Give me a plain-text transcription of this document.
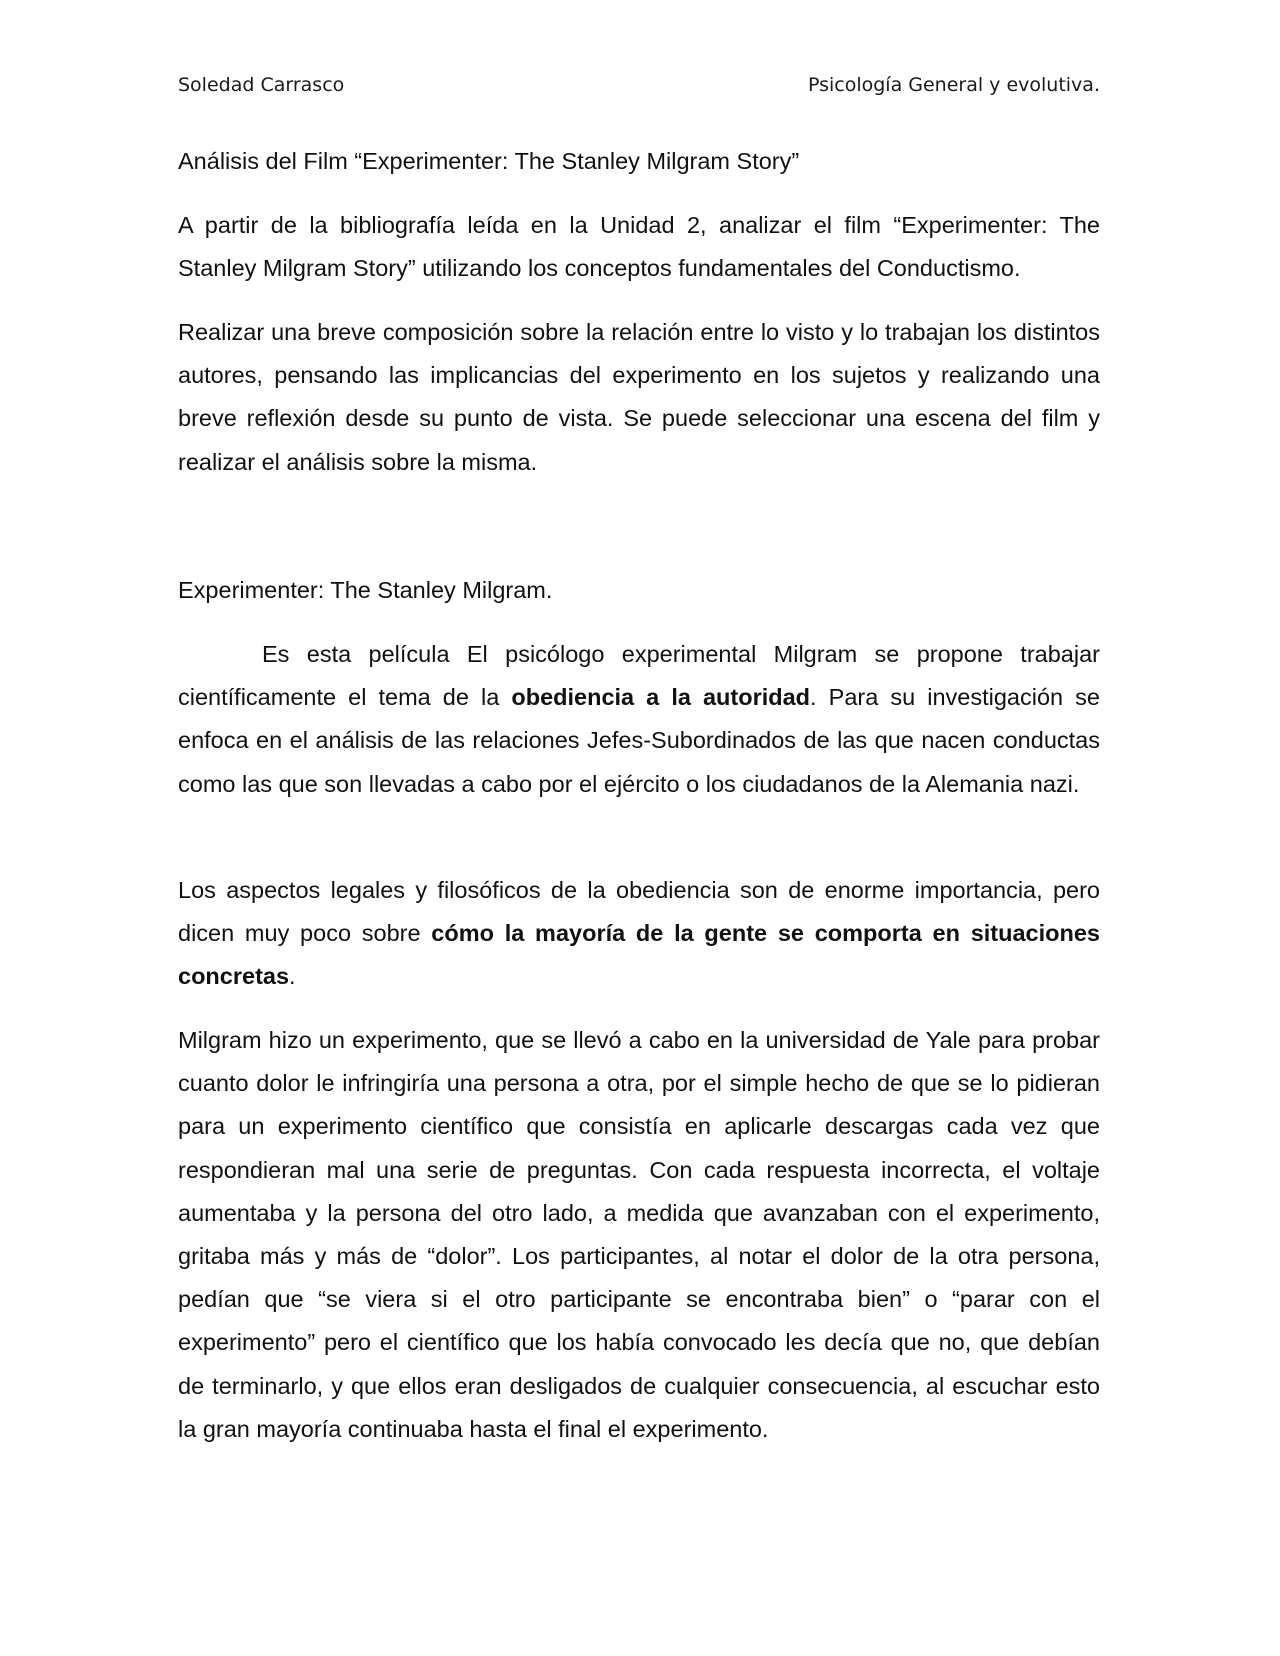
Soledad Carrasco	Psicología General y evolutiva.

Análisis del Film “Experimenter: The Stanley Milgram Story”

A partir de la bibliografía leída en la Unidad 2, analizar el film “Experimenter: The Stanley Milgram Story” utilizando los conceptos fundamentales del Conductismo.

Realizar una breve composición sobre la relación entre lo visto y lo trabajan los distintos autores, pensando las implicancias del experimento en los sujetos y realizando una breve reflexión desde su punto de vista. Se puede seleccionar una escena del film y realizar el análisis sobre la misma.

Experimenter: The Stanley Milgram.

Es esta película El psicólogo experimental Milgram se propone trabajar científicamente el tema de la obediencia a la autoridad. Para su investigación se enfoca en el análisis de las relaciones Jefes-Subordinados de las que nacen conductas como las que son llevadas a cabo por el ejército o los ciudadanos de la Alemania nazi.

Los aspectos legales y filosóficos de la obediencia son de enorme importancia, pero dicen muy poco sobre cómo la mayoría de la gente se comporta en situaciones concretas.

Milgram hizo un experimento, que se llevó a cabo en la universidad de Yale para probar cuanto dolor le infringiría una persona a otra, por el simple hecho de que se lo pidieran para un experimento científico que consistía en aplicarle descargas cada vez que respondieran mal una serie de preguntas. Con cada respuesta incorrecta, el voltaje aumentaba y la persona del otro lado, a medida que avanzaban con el experimento, gritaba más y más de “dolor”. Los participantes, al notar el dolor de la otra persona, pedían que “se viera si el otro participante se encontraba bien” o “parar con el experimento” pero el científico que los había convocado les decía que no, que debían de terminarlo, y que ellos eran desligados de cualquier consecuencia, al escuchar esto la gran mayoría continuaba hasta el final el experimento.
